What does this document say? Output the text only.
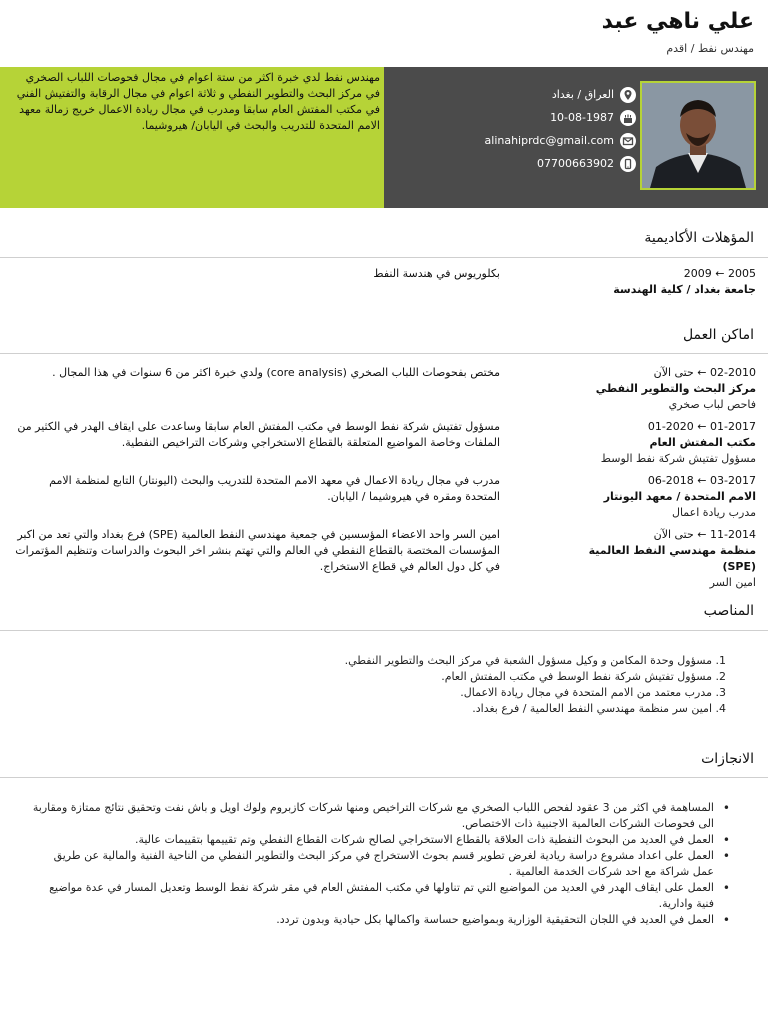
علي ناهي عبد
مهندس نفط / اقدم
العراق / بغداد
10-08-1987
alinahiprdc@gmail.com
07700663902
مهندس نفط لدي خبرة اكثر من ستة اعوام في مجال فحوصات اللباب الصخري في مركز البحث والتطوير النفطي و ثلاثة اعوام في مجال الرقابة والتفتيش الفني في مكتب المفتش العام سابقا ومدرب في مجال ريادة الاعمال خريج زمالة معهد الامم المتحدة للتدريب والبحث في اليابان/ هيروشيما.
المؤهلات الأكاديمية
2005 ← 2009
جامعة بغداد / كلية الهندسة
بكلوريوس في هندسة النفط
اماكن العمل
02-2010 ← حتى الآن
مركز البحث والتطوير النفطي
فاحص لباب صخري
مختص بفحوصات اللباب الصخري (core analysis) ولدي خبرة اكثر من 6 سنوات في هذا المجال .
01-2017 ← 01-2020
مكتب المفتش العام
مسؤول تفتيش شركة نفط الوسط
مسؤول تفتيش شركة نفط الوسط في مكتب المفتش العام سابقا وساعدت على ايقاف الهدر في الكثير من الملفات وخاصة المواضيع المتعلقة بالقطاع الاستخراجي وشركات التراخيص النفطية.
03-2017 ← 06-2018
الامم المتحدة / معهد اليونتار
مدرب ريادة اعمال
مدرب في مجال ريادة الاعمال في معهد الامم المتحدة للتدريب والبحث (اليونتار) التابع لمنظمة الامم المتحدة ومقره في هيروشيما / اليابان.
11-2014 ← حتى الآن
منظمة مهندسي النفط العالمية (SPE)
امين السر
امين السر واحد الاعضاء المؤسسين في جمعية مهندسي النفط العالمية (SPE) فرع بغداد والتي تعد من اكبر المؤسسات المختصة بالقطاع النفطي في العالم والتي تهتم بنشر اخر البحوث والدراسات وتنظيم المؤتمرات في كل دول العالم في قطاع الاستخراج.
المناصب
1. مسؤول وحدة المكامن و وكيل مسؤول الشعبة في مركز البحث والتطوير النفطي.
2. مسؤول تفتيش شركة نفط الوسط في مكتب المفتش العام.
3. مدرب معتمد من الامم المتحدة في مجال ريادة الاعمال.
4. امين سر منظمة مهندسي النفط العالمية / فرع بغداد.
الانجازات
• المساهمة في اكثر من 3 عقود لفحص اللباب الصخري مع شركات التراخيص ومنها شركات كازبروم ولوك اويل و باش نفت وتحقيق نتائج ممتازة ومقاربة الى فحوصات الشركات العالمية الاجنبية ذات الاختصاص.
• العمل في العديد من البحوث النفطية ذات العلاقة بالقطاع الاستخراجي لصالح شركات القطاع النفطي وتم تقييمها بتقييمات عالية.
• العمل على اعداد مشروع دراسة ريادية لغرض تطوير قسم بحوث الاستخراج في مركز البحث والتطوير النفطي من الناحية الفنية والمالية عن طريق عمل شراكة مع احد شركات الخدمة العالمية .
• العمل على ايقاف الهدر في العديد من المواضيع التي تم تناولها في مكتب المفتش العام في مقر شركة نفط الوسط وتعديل المسار في عدة مواضيع فنية وادارية.
• العمل في العديد في اللجان التحقيقية الوزارية وبمواضيع حساسة واكمالها بكل حيادية وبدون تردد.
